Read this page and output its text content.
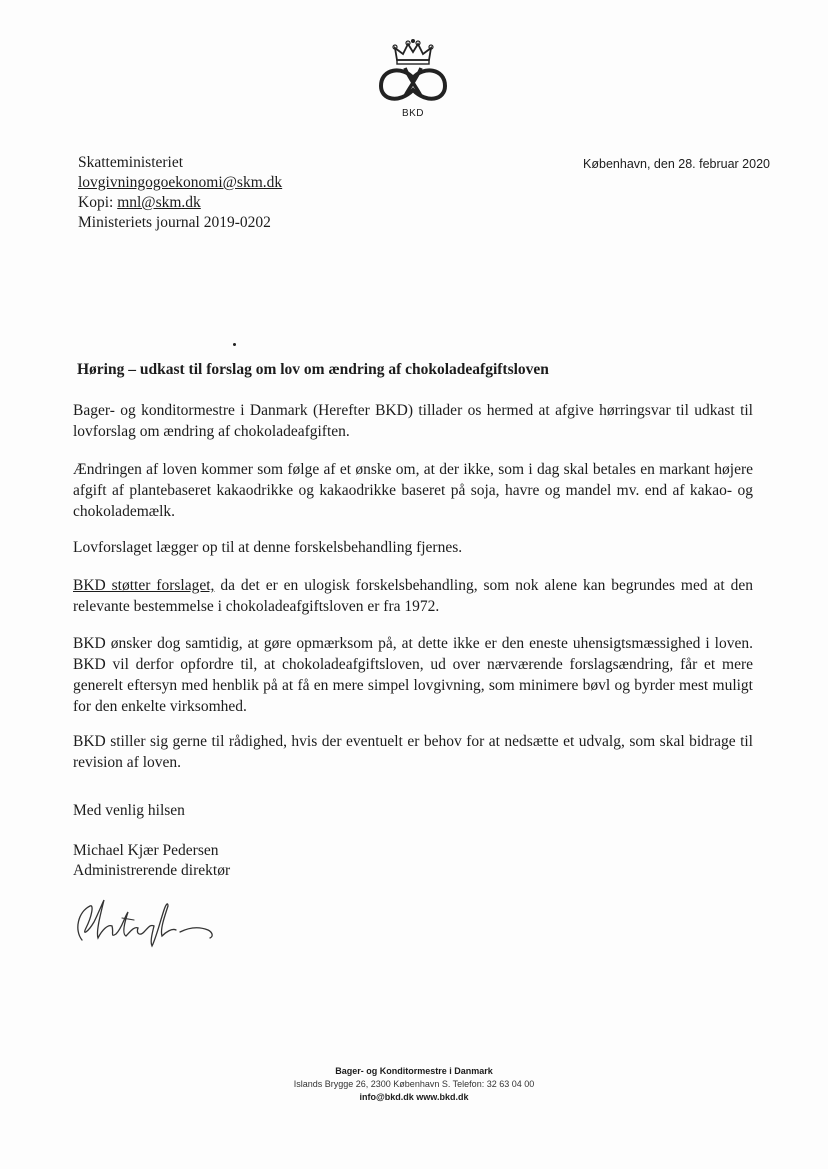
BKD
København, den 28. februar 2020
Skatteministeriet
lovgivningogoekonomi@skm.dk
Kopi: mnl@skm.dk
Ministeriets journal 2019-0202
Høring – udkast til forslag om lov om ændring af chokoladeafgiftsloven

Bager- og konditormestre i Danmark (Herefter BKD) tillader os hermed at afgive hørringsvar til udkast til lovforslag om ændring af chokoladeafgiften.

Ændringen af loven kommer som følge af et ønske om, at der ikke, som i dag skal betales en markant højere afgift af plantebaseret kakaodrikke og kakaodrikke baseret på soja, havre og mandel mv. end af kakao- og chokolademælk.

Lovforslaget lægger op til at denne forskelsbehandling fjernes.

BKD støtter forslaget, da det er en ulogisk forskelsbehandling, som nok alene kan begrundes med at den relevante bestemmelse i chokoladeafgiftsloven er fra 1972.

BKD ønsker dog samtidig, at gøre opmærksom på, at dette ikke er den eneste uhensigtsmæssighed i loven. BKD vil derfor opfordre til, at chokoladeafgiftsloven, ud over nærværende forslagsændring, får et mere generelt eftersyn med henblik på at få en mere simpel lovgivning, som minimere bøvl og byrder mest muligt for den enkelte virksomhed.

BKD stiller sig gerne til rådighed, hvis der eventuelt er behov for at nedsætte et udvalg, som skal bidrage til revision af loven.

Med venlig hilsen
Michael Kjær Pedersen
Administrerende direktør
Bager- og Konditormestre i Danmark
Islands Brygge 26, 2300 København S. Telefon: 32 63 04 00
info@bkd.dk www.bkd.dk
